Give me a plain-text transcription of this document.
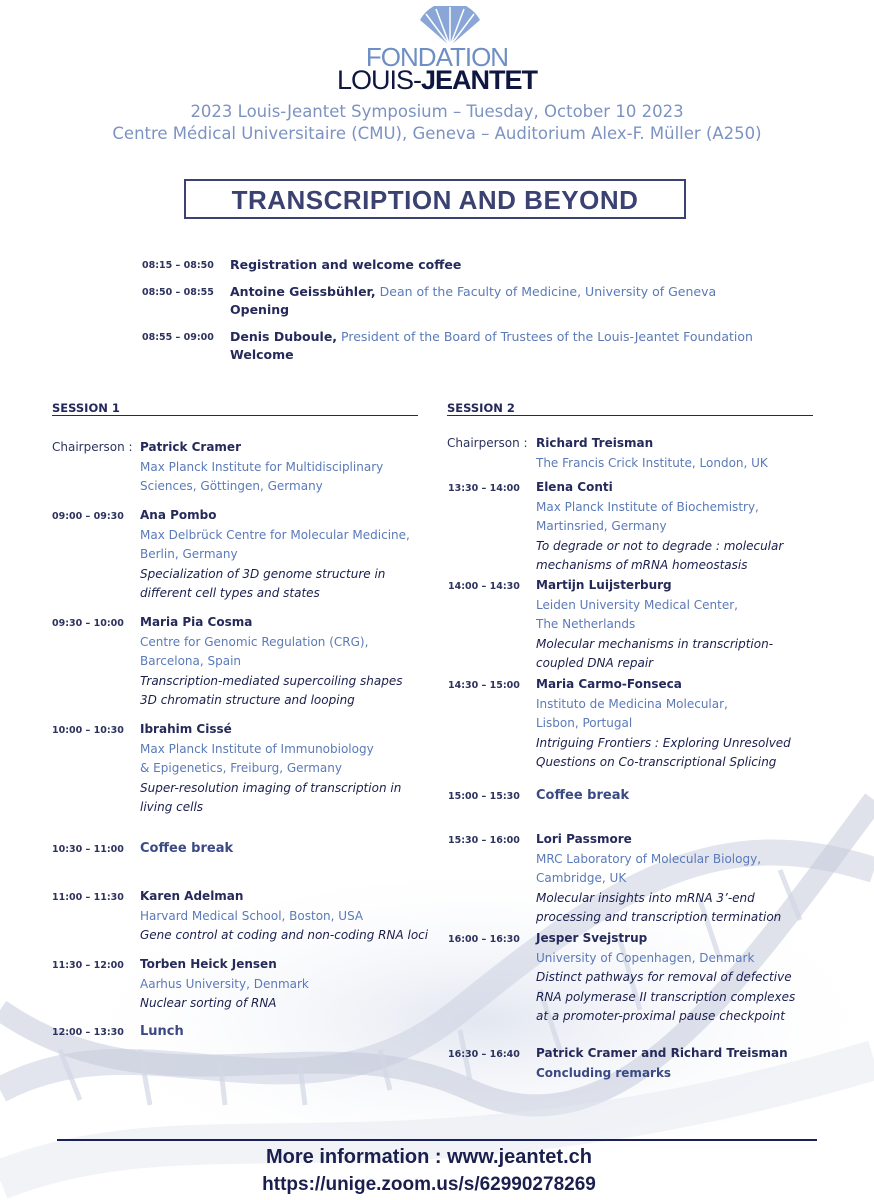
FONDATION
LOUIS-JEANTET
2023 Louis-Jeantet Symposium – Tuesday, October 10 2023
Centre Médical Universitaire (CMU), Geneva – Auditorium Alex-F. Müller (A250)
TRANSCRIPTION AND BEYOND
08:15 – 08:50	Registration and welcome coffee
08:50 – 08:55	Antoine Geissbühler, Dean of the Faculty of Medicine, University of Geneva
Opening
08:55 – 09:00	Denis Duboule, President of the Board of Trustees of the Louis-Jeantet Foundation
Welcome
SESSION 1
Chairperson : Patrick Cramer
Max Planck Institute for Multidisciplinary
Sciences, Göttingen, Germany
09:00 – 09:30	Ana Pombo
Max Delbrück Centre for Molecular Medicine,
Berlin, Germany
Specialization of 3D genome structure in
different cell types and states
09:30 – 10:00	Maria Pia Cosma
Centre for Genomic Regulation (CRG),
Barcelona, Spain
Transcription-mediated supercoiling shapes
3D chromatin structure and looping
10:00 – 10:30	Ibrahim Cissé
Max Planck Institute of Immunobiology
& Epigenetics, Freiburg, Germany
Super-resolution imaging of transcription in
living cells
10:30 – 11:00	Coffee break
11:00 – 11:30	Karen Adelman
Harvard Medical School, Boston, USA
Gene control at coding and non-coding RNA loci
11:30 – 12:00	Torben Heick Jensen
Aarhus University, Denmark
Nuclear sorting of RNA
12:00 – 13:30	Lunch
SESSION 2
Chairperson : Richard Treisman
The Francis Crick Institute, London, UK
13:30 – 14:00	Elena Conti
Max Planck Institute of Biochemistry,
Martinsried, Germany
To degrade or not to degrade : molecular
mechanisms of mRNA homeostasis
14:00 – 14:30	Martijn Luijsterburg
Leiden University Medical Center,
The Netherlands
Molecular mechanisms in transcription-
coupled DNA repair
14:30 – 15:00	Maria Carmo-Fonseca
Instituto de Medicina Molecular,
Lisbon, Portugal
Intriguing Frontiers : Exploring Unresolved
Questions on Co-transcriptional Splicing
15:00 – 15:30	Coffee break
15:30 – 16:00	Lori Passmore
MRC Laboratory of Molecular Biology,
Cambridge, UK
Molecular insights into mRNA 3’-end
processing and transcription termination
16:00 – 16:30	Jesper Svejstrup
University of Copenhagen, Denmark
Distinct pathways for removal of defective
RNA polymerase II transcription complexes
at a promoter-proximal pause checkpoint
16:30 – 16:40	Patrick Cramer and Richard Treisman
Concluding remarks
More information : www.jeantet.ch
https://unige.zoom.us/s/62990278269
